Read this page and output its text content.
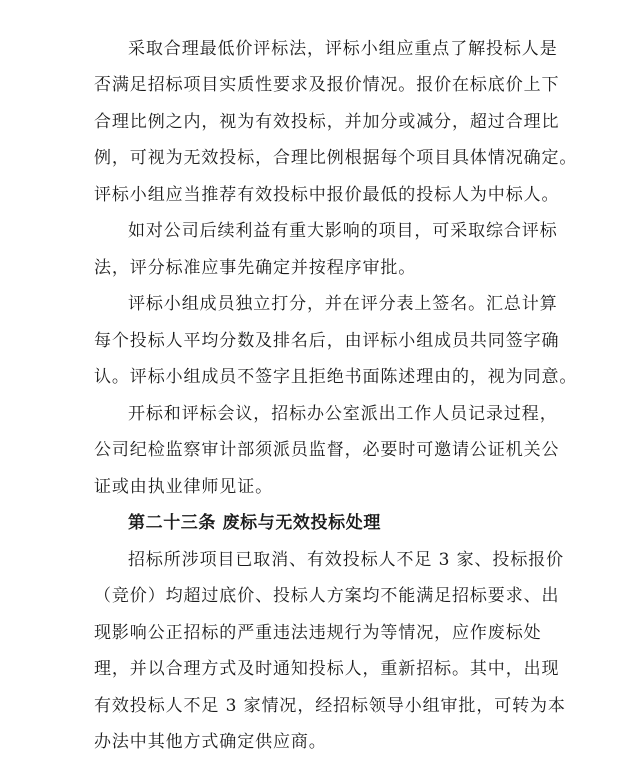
采取合理最低价评标法，评标小组应重点了解投标人是
否满足招标项目实质性要求及报价情况。报价在标底价上下
合理比例之内，视为有效投标，并加分或减分，超过合理比
例，可视为无效投标，合理比例根据每个项目具体情况确定。
评标小组应当推荐有效投标中报价最低的投标人为中标人。
如对公司后续利益有重大影响的项目，可采取综合评标
法，评分标准应事先确定并按程序审批。
评标小组成员独立打分，并在评分表上签名。汇总计算
每个投标人平均分数及排名后，由评标小组成员共同签字确
认。评标小组成员不签字且拒绝书面陈述理由的，视为同意。
开标和评标会议，招标办公室派出工作人员记录过程，
公司纪检监察审计部须派员监督，必要时可邀请公证机关公
证或由执业律师见证。
第二十三条 废标与无效投标处理
招标所涉项目已取消、有效投标人不足 3 家、投标报价
（竞价）均超过底价、投标人方案均不能满足招标要求、出
现影响公正招标的严重违法违规行为等情况，应作废标处
理，并以合理方式及时通知投标人，重新招标。其中，出现
有效投标人不足 3 家情况，经招标领导小组审批，可转为本
办法中其他方式确定供应商。
